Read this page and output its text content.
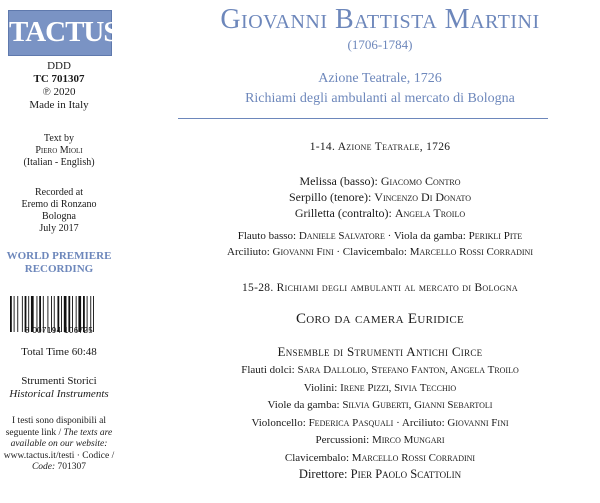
TACTUS
DDD
TC 701307
℗ 2020
Made in Italy
Text by
Piero Mioli
(Italian - English)
Recorded at
Eremo di Ronzano
Bologna
July 2017
WORLD PREMIERE
RECORDING
8 007194 106725
Total Time 60:48
Strumenti Storici
Historical Instruments
I testi sono disponibili al
seguente link / The texts are
available on our website:
www.tactus.it/testi · Codice /
Code: 701307
Giovanni Battista Martini
(1706-1784)
Azione Teatrale, 1726
Richiami degli ambulanti al mercato di Bologna
1-14. Azione Teatrale, 1726
Melissa (basso): Giacomo Contro
Serpillo (tenore): Vincenzo Di Donato
Grilletta (contralto): Angela Troilo
Flauto basso: Daniele Salvatore · Viola da gamba: Perikli Pite
Arciliuto: Giovanni Fini · Clavicembalo: Marcello Rossi Corradini
15-28. Richiami degli ambulanti al mercato di Bologna
Coro da camera Euridice
Ensemble di Strumenti Antichi Circe
Flauti dolci: Sara Dallolio, Stefano Fanton, Angela Troilo
Violini: Irene Pizzi, Sivia Tecchio
Viole da gamba: Silvia Guberti, Gianni Sebartoli
Violoncello: Federica Pasquali · Arciliuto: Giovanni Fini
Percussioni: Mirco Mungari
Clavicembalo: Marcello Rossi Corradini
Direttore: Pier Paolo Scattolin
